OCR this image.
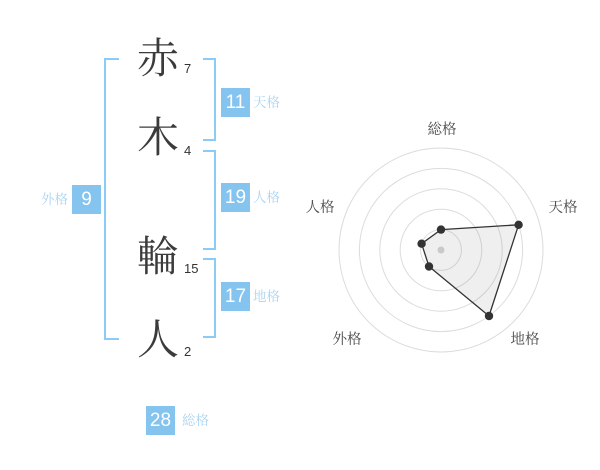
赤
木
輪
人
7
4
15
2
11 天格
19 人格
17 地格
外格 9
28 総格
総格
天格
地格
外格
人格
